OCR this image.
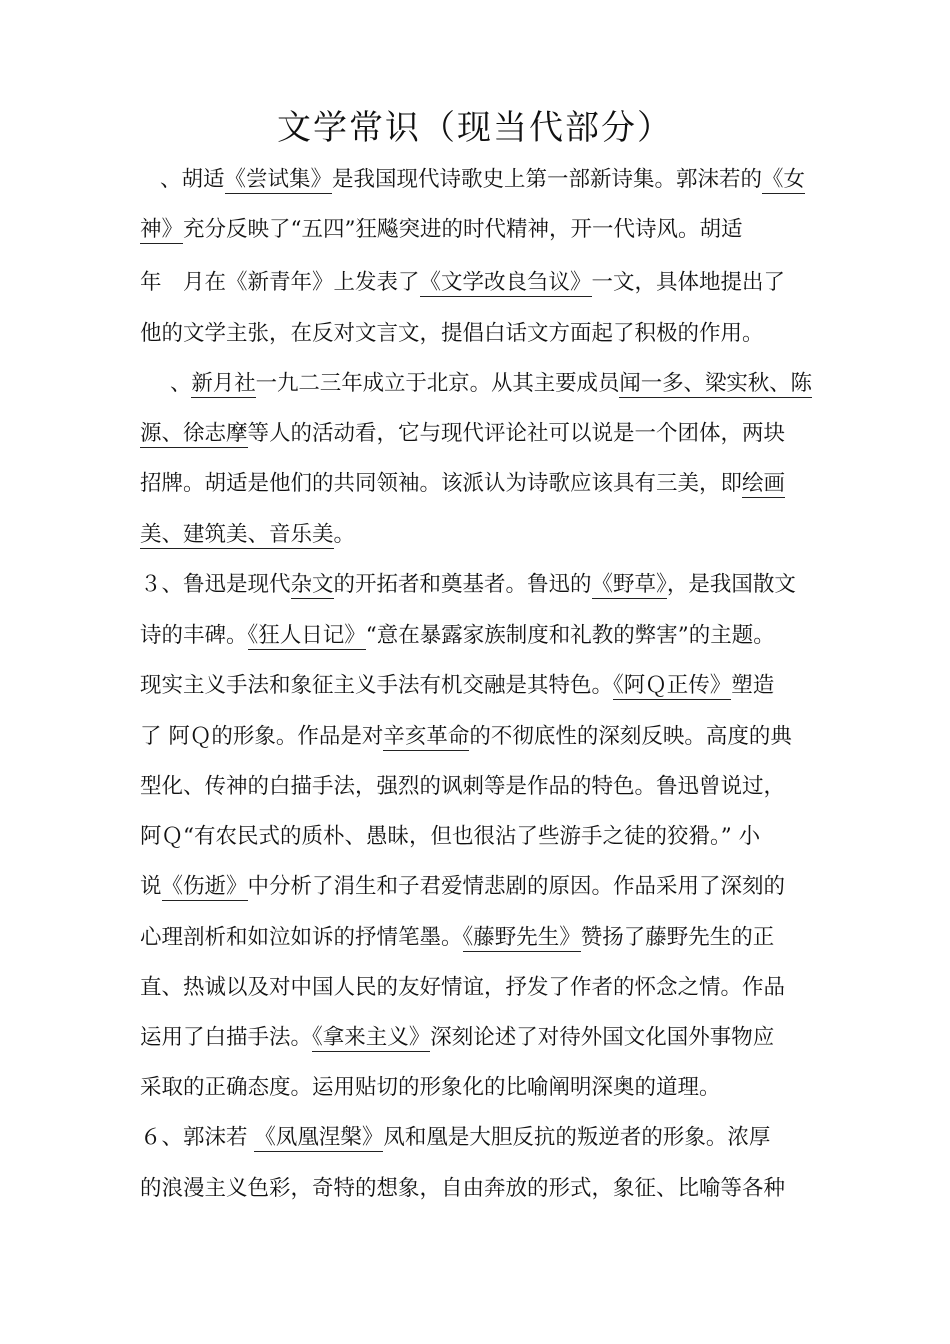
文学常识（现当代部分）
、胡适《尝试集》是我国现代诗歌史上第一部新诗集。郭沫若的《女
神》充分反映了“五四”狂飚突进的时代精神，开一代诗风。胡适
年　月在《新青年》上发表了《文学改良刍议》一文，具体地提出了
他的文学主张，在反对文言文，提倡白话文方面起了积极的作用。
、新月社一九二三年成立于北京。从其主要成员闻一多、梁实秋、陈
源、徐志摩等人的活动看，它与现代评论社可以说是一个团体，两块
招牌。胡适是他们的共同领袖。该派认为诗歌应该具有三美，即绘画
美、建筑美、音乐美。
３、鲁迅是现代杂文的开拓者和奠基者。鲁迅的《野草》，是我国散文
诗的丰碑。《狂人日记》“意在暴露家族制度和礼教的弊害”的主题。
现实主义手法和象征主义手法有机交融是其特色。《阿Ｑ正传》塑造
了 阿Ｑ的形象。作品是对辛亥革命的不彻底性的深刻反映。高度的典
型化、传神的白描手法，强烈的讽刺等是作品的特色。鲁迅曾说过，
阿Ｑ“有农民式的质朴、愚昧，但也很沾了些游手之徒的狡猾。” 小
说《伤逝》中分析了涓生和子君爱情悲剧的原因。作品采用了深刻的
心理剖析和如泣如诉的抒情笔墨。《藤野先生》赞扬了藤野先生的正
直、热诚以及对中国人民的友好情谊，抒发了作者的怀念之情。作品
运用了白描手法。《拿来主义》深刻论述了对待外国文化国外事物应
采取的正确态度。运用贴切的形象化的比喻阐明深奥的道理。
６、郭沫若 《凤凰涅槃》凤和凰是大胆反抗的叛逆者的形象。浓厚
的浪漫主义色彩，奇特的想象，自由奔放的形式，象征、比喻等各种
